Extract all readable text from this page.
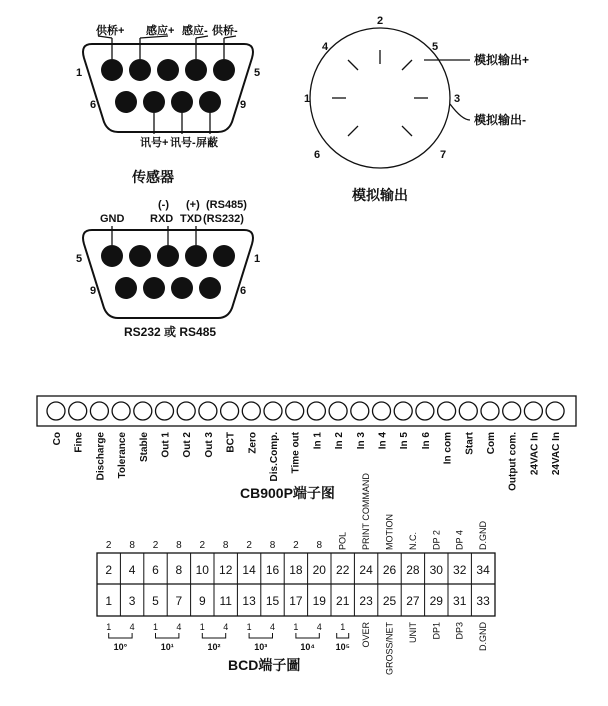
供桥+ 感应+ 感应- 供桥-
1	5
6	9
讯号+ 讯号- 屏蔽
传感器
1
2
3
4	5
6	7
模拟输出+
模拟输出-
模拟输出
(-) (+) (RS485)
GND RXD TXD (RS232)
5	1
9	6
RS232 或 RS485
Co Fine Discharge Tolerance Stable Out 1 Out 2 Out 3 BCT Zero Dis.Comp. Time out In 1 In 2 In 3 In 4 In 5 In 6 In com Start Com Output com. 24VAC In 24VAC In
CB900P端子图
2 8 2 8 2 8 2 8 2 8 POL PRINT COMMAND MOTION N.C. DP 2 DP 4 D.GND
2 4 6 8 10 12 14 16 18 20 22 24 26 28 30 32 34
1 3 5 7 9 11 13 15 17 19 21 23 25 27 29 31 33
1 4 1 4 1 4 1 4 1 4 1
10°	10¹	10²	10³	10⁴ 10⁵ OVER GROSS/NET UNIT DP1 DP3 D.GND
BCD端子圖
